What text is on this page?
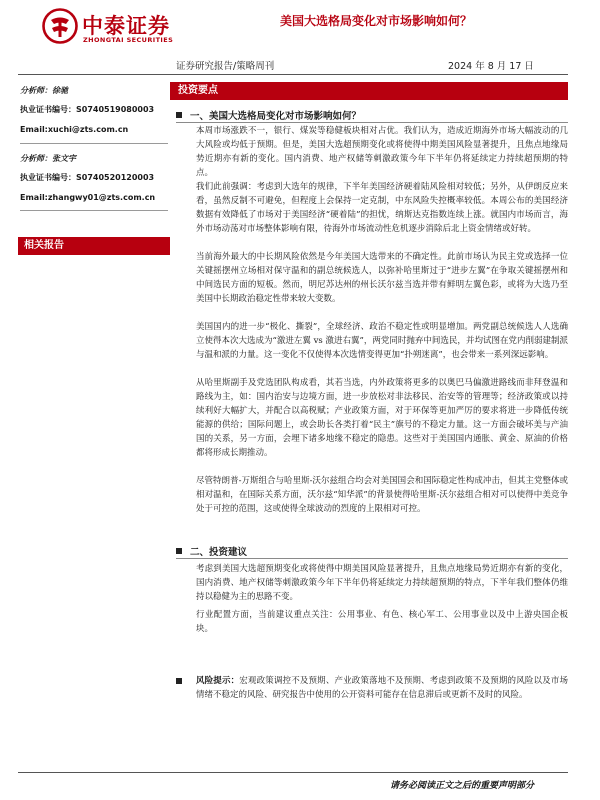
中泰证券
ZHONGTAI SECURITIES
美国大选格局变化对市场影响如何？
证券研究报告/策略周刊	2024 年 8 月 17 日
分析师：徐驰
执业证书编号：S0740519080003
Email:xuchi@zts.com.cn
分析师：张文宇
执业证书编号：S0740520120003
Email:zhangwy01@zts.com.cn
相关报告
投资要点
一、美国大选格局变化对市场影响如何？
本周市场涨跌不一，银行、煤炭等稳健板块相对占优。我们认为，造成近期海外市场大幅波动的几大风险或均低于预期。但是，美国大选超预期变化或将使得中期美国风险显著提升，且焦点地缘局势近期亦有新的变化。国内消费、地产权储等刺激政策今年下半年仍将延续定力持续超预期的特点。
我们此前强调：考虑到大选年的规律，下半年美国经济硬着陆风险相对较低；另外，从伊朗反应来看，虽然反制不可避免，但程度上会保持一定克制，中东风险失控概率较低。本周公布的美国经济数据有效降低了市场对于美国经济“硬着陆”的担忧，纳斯达克指数连续上涨。就国内市场而言，海外市场动荡对市场整体影响有限，待海外市场流动性危机逐步消除后北上资金情绪或好转。
当前海外最大的中长期风险依然是今年美国大选带来的不确定性。此前市场认为民主党或选择一位关键摇摆州立场相对保守温和的副总统候选人，以弥补哈里斯过于“进步左翼”在争取关键摇摆州和中间选民方面的短板。然而，明尼苏达州的州长沃尔兹当选并带有鲜明左翼色彩，或将为大选乃至美国中长期政治稳定性带来较大变数。
美国国内的进一步“极化、撕裂”，全球经济、政治不稳定性或明显增加。两党副总统候选人人选确立使得本次大选成为“激进左翼 vs 激进右翼”，两党同时抛弃中间选民，并均试图在党内削弱建制派与温和派的力量。这一变化不仅使得本次选情变得更加“扑朔迷离”，也会带来一系列深远影响。
从哈里斯副手及党选团队构成看，其若当选，内外政策将更多的以奥巴马偏激进路线而非拜登温和路线为主，如：国内治安与边境方面，进一步放松对非法移民、治安等的管理等；经济政策或以持续利好大幅扩大，并配合以高税赋；产业政策方面，对于环保等更加严厉的要求将进一步降低传统能源的供给；国际问题上，或会助长各类打着“民主”旗号的不稳定力量。这一方面会破坏美与产油国的关系，另一方面，会埋下诸多地缘不稳定的隐患。这些对于美国国内通胀、黄金、原油的价格都将形成长期推动。
尽管特朗普-万斯组合与哈里斯-沃尔兹组合均会对美国国会和国际稳定性构成冲击，但其主党整体或相对温和，在国际关系方面，沃尔兹“知华派”的背景使得哈里斯-沃尔兹组合相对可以使得中美竞争处于可控的范围，这或使得全球波动的烈度的上限相对可控。
二、投资建议
考虑到美国大选超预期变化或将使得中期美国风险显著提升，且焦点地缘局势近期亦有新的变化，国内消费、地产权储等刺激政策今年下半年仍将延续定力持续超预期的特点，下半年我们整体仍维持以稳健为主的思路不变。
行业配置方面，当前建议重点关注：公用事业、有色、核心军工、公用事业以及中上游央国企板块。
风险提示：宏观政策调控不及预期、产业政策落地不及预期、考虑到政策不及预期的风险以及市场情绪不稳定的风险、研究报告中使用的公开资料可能存在信息滞后或更新不及时的风险。
请务必阅读正文之后的重要声明部分
